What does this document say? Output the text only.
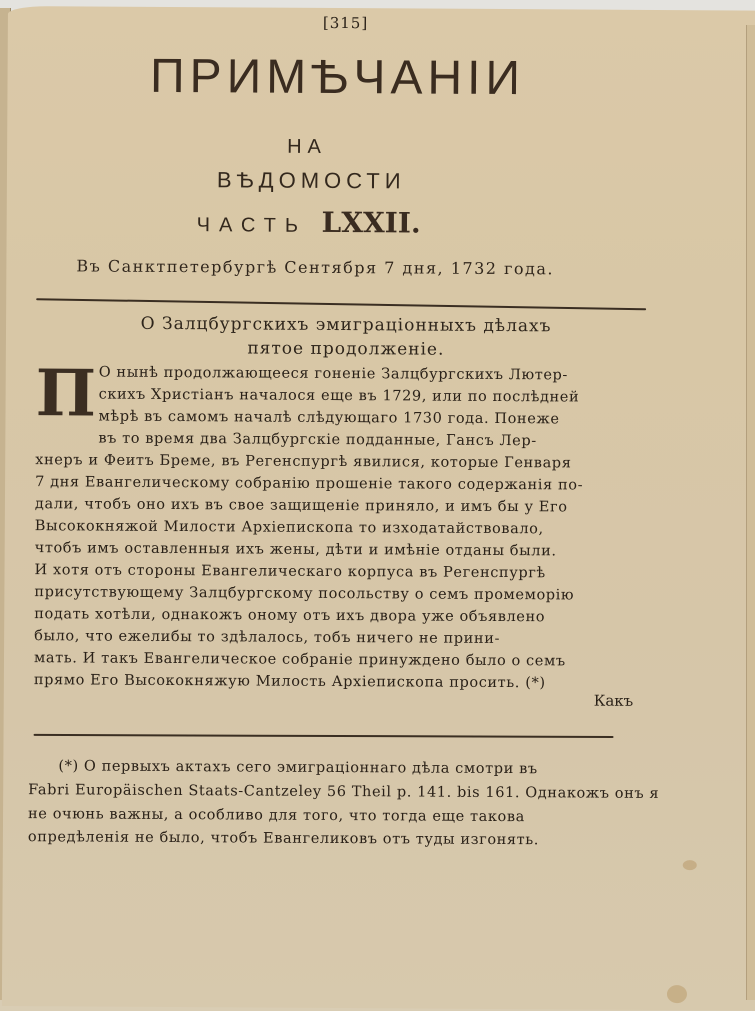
[315]
ПРИМѢЧАНІИ
НА
ВѢДОМОСТИ
ЧАСТЬ LXXII.
Въ Санктпетербургѣ Сентября 7 дня, 1732 года.
О Залцбургскихъ эмиграціонныхъ дѣлахъ
пятое продолженіе.
П О нынѣ продолжающееся гоненіе Залцбургскихъ Лютер-
скихъ Христіанъ началося еще въ 1729, или по послѣдней
мѣрѣ въ самомъ началѣ слѣдующаго 1730 года. Понеже
въ то время два Залцбургскіе подданные, Гансъ Лер-
хнеръ и Феитъ Бреме, въ Регенспургѣ явилися, которые Генваря
7 дня Евангелическому собранію прошеніе такого содержанія по-
дали, чтобъ оно ихъ въ свое защищеніе приняло, и имъ бы у Его
Высококняжой Милости Архіепископа то изходатайствовало,
чтобъ имъ оставленныя ихъ жены, дѣти и имѣніе отданы были.
И хотя отъ стороны Евангелическаго корпуса въ Регенспургѣ
присутствующему Залцбургскому посольству о семъ промеморію
подать хотѣли, однакожъ оному отъ ихъ двора уже объявлено
было, что ежелибы то здѣлалось, тобъ ничего не прини-
мать. И такъ Евангелическое собраніе принуждено было о семъ
прямо Его Высококняжую Милость Архіепископа просить. (*)
Какъ
(*) О первыхъ актахъ сего эмиграціоннаго дѣла смотри въ
Fabri Europäischen Staats-Cantzeley 56 Theil p. 141. bis 161. Однакожъ онъ я
не очюнь важны, а особливо для того, что тогда еще такова
опредѣленія не было, чтобъ Евангеликовъ отъ туды изгонять.
